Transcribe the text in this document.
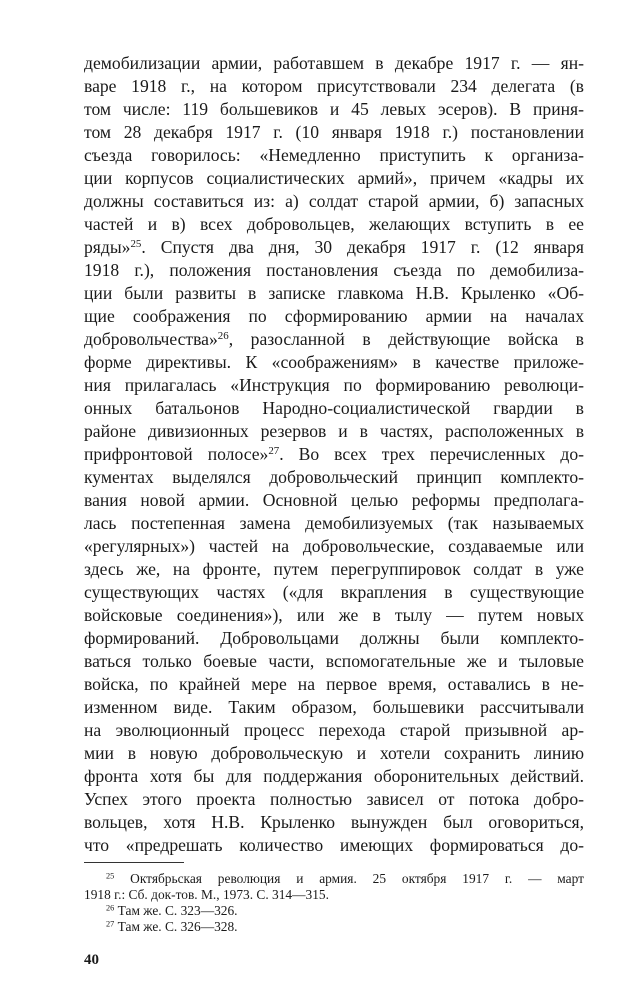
демобилизации армии, работавшем в декабре 1917 г. — ян-
варе 1918 г., на котором присутствовали 234 делегата (в
том числе: 119 большевиков и 45 левых эсеров). В приня-
том 28 декабря 1917 г. (10 января 1918 г.) постановлении
съезда говорилось: «Немедленно приступить к организа-
ции корпусов социалистических армий», причем «кадры их
должны составиться из: а) солдат старой армии, б) запасных
частей и в) всех добровольцев, желающих вступить в ее
ряды»$^{25}$. Спустя два дня, 30 декабря 1917 г. (12 января
1918 г.), положения постановления съезда по демобилиза-
ции были развиты в записке главкома Н.В. Крыленко «Об-
щие соображения по сформированию армии на началах
добровольчества»$^{26}$, разосланной в действующие войска в
форме директивы. К «соображениям» в качестве приложе-
ния прилагалась «Инструкция по формированию революци-
онных батальонов Народно-социалистической гвардии в
районе дивизионных резервов и в частях, расположенных в
прифронтовой полосе»$^{27}$. Во всех трех перечисленных до-
кументах выделялся добровольческий принцип комплекто-
вания новой армии. Основной целью реформы предполага-
лась постепенная замена демобилизуемых (так называемых
«регулярных») частей на добровольческие, создаваемые или
здесь же, на фронте, путем перегруппировок солдат в уже
существующих частях («для вкрапления в существующие
войсковые соединения»), или же в тылу — путем новых
формирований. Добровольцами должны были комплекто-
ваться только боевые части, вспомогательные же и тыловые
войска, по крайней мере на первое время, оставались в не-
изменном виде. Таким образом, большевики рассчитывали
на эволюционный процесс перехода старой призывной ар-
мии в новую добровольческую и хотели сохранить линию
фронта хотя бы для поддержания оборонительных действий.
Успех этого проекта полностью зависел от потока добро-
вольцев, хотя Н.В. Крыленко вынужден был оговориться,
что «предрешать количество имеющих формироваться до-
$^{25}$ Октябрьская революция и армия. 25 октября 1917 г. — март
1918 г.: Сб. док-тов. М., 1973. С. 314—315.
$^{26}$ Там же. С. 323—326.
$^{27}$ Там же. С. 326—328.
40
